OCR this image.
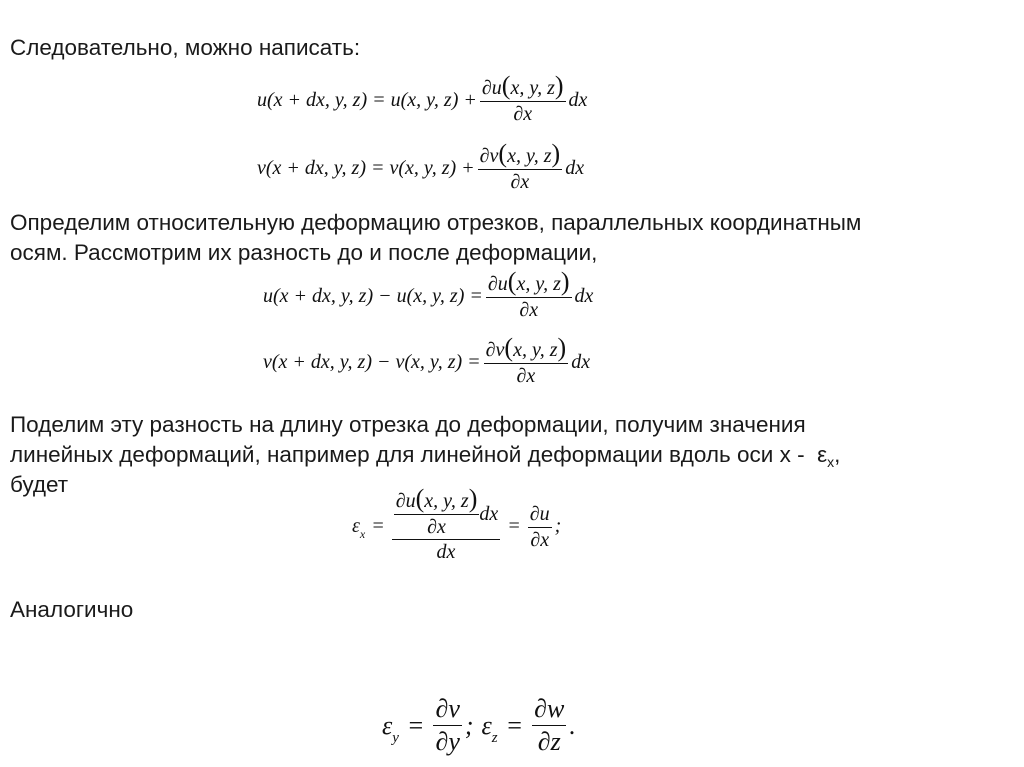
Следовательно, можно написать:
u(x + dx, y, z) = u(x, y, $z) + \frac{\partial u(x, y, z)}{\partial x}$ dx
v(x + dx, y, z) = v(x, y, $z) + \frac{\partial v(x, y, z)}{\partial x}$ dx
Определим относительную деформацию отрезков, параллельных координатным
осям. Рассмотрим их разность до и после деформации,
u(x + dx, y, z) − u(x, y, $z) = \frac{\partial u(x, y, z)}{\partial x}$ dx
v(x + dx, y, z) − v(x, y, $z) = \frac{\partial v(x, y, z)}{\partial x}$ dx
Поделим эту разность на длину отрезка до деформации, получим значения
линейных деформаций, например для линейной деформации вдоль оси x -  $\varepsilon_x$,
будет
$\varepsilon_x = \frac{\frac{\partial u(x, y, z)}{\partial x} dx}{dx} = \frac{\partial u}{\partial x}$ ;
Аналогично
$\varepsilon_y = \frac{\partial v}{\partial y}$ ; $\varepsilon_z = \frac{\partial w}{\partial z}$ .
